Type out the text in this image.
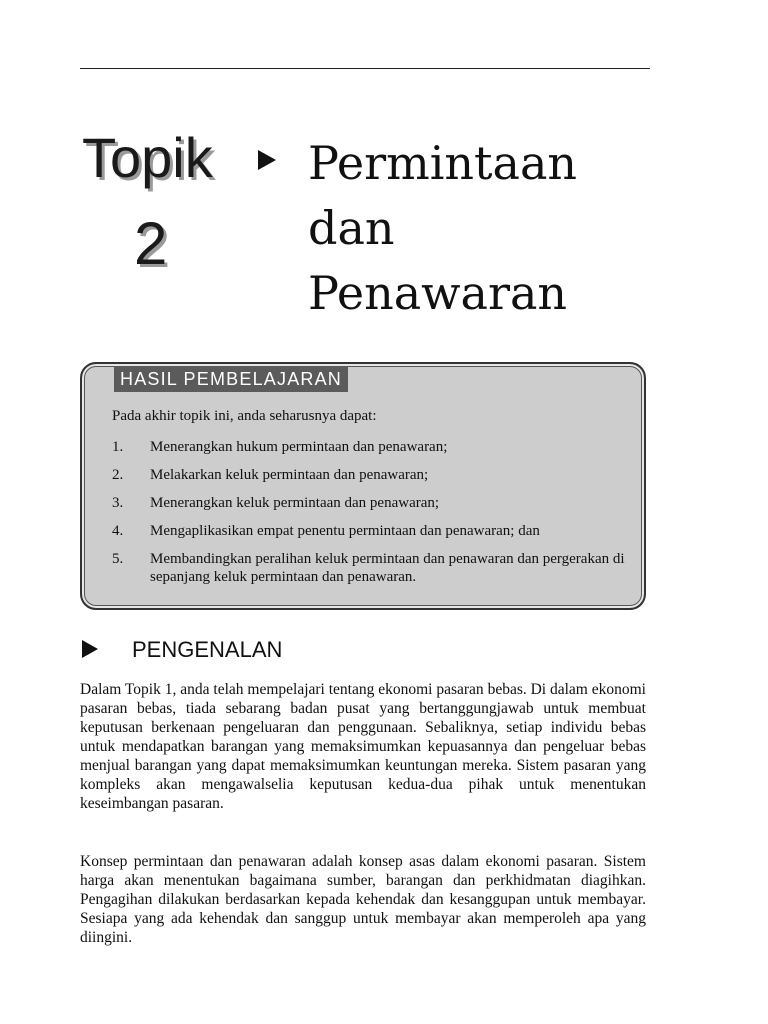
Topik
2
Permintaan
dan
Penawaran
HASIL PEMBELAJARAN
Pada akhir topik ini, anda seharusnya dapat:
1.	Menerangkan hukum permintaan dan penawaran;
2.	Melakarkan keluk permintaan dan penawaran;
3.	Menerangkan keluk permintaan dan penawaran;
4.	Mengaplikasikan empat penentu permintaan dan penawaran; dan
5.	Membandingkan peralihan keluk permintaan dan penawaran dan pergerakan di sepanjang keluk permintaan dan penawaran.
PENGENALAN

Dalam Topik 1, anda telah mempelajari tentang ekonomi pasaran bebas. Di dalam ekonomi pasaran bebas, tiada sebarang badan pusat yang bertanggungjawab untuk membuat keputusan berkenaan pengeluaran dan penggunaan. Sebaliknya, setiap individu bebas untuk mendapatkan barangan yang memaksimumkan kepuasannya dan pengeluar bebas menjual barangan yang dapat memaksimumkan keuntungan mereka. Sistem pasaran yang kompleks akan mengawalselia keputusan kedua-dua pihak untuk menentukan keseimbangan pasaran.

Konsep permintaan dan penawaran adalah konsep asas dalam ekonomi pasaran. Sistem harga akan menentukan bagaimana sumber, barangan dan perkhidmatan diagihkan. Pengagihan dilakukan berdasarkan kepada kehendak dan kesanggupan untuk membayar. Sesiapa yang ada kehendak dan sanggup untuk membayar akan memperoleh apa yang diingini.
